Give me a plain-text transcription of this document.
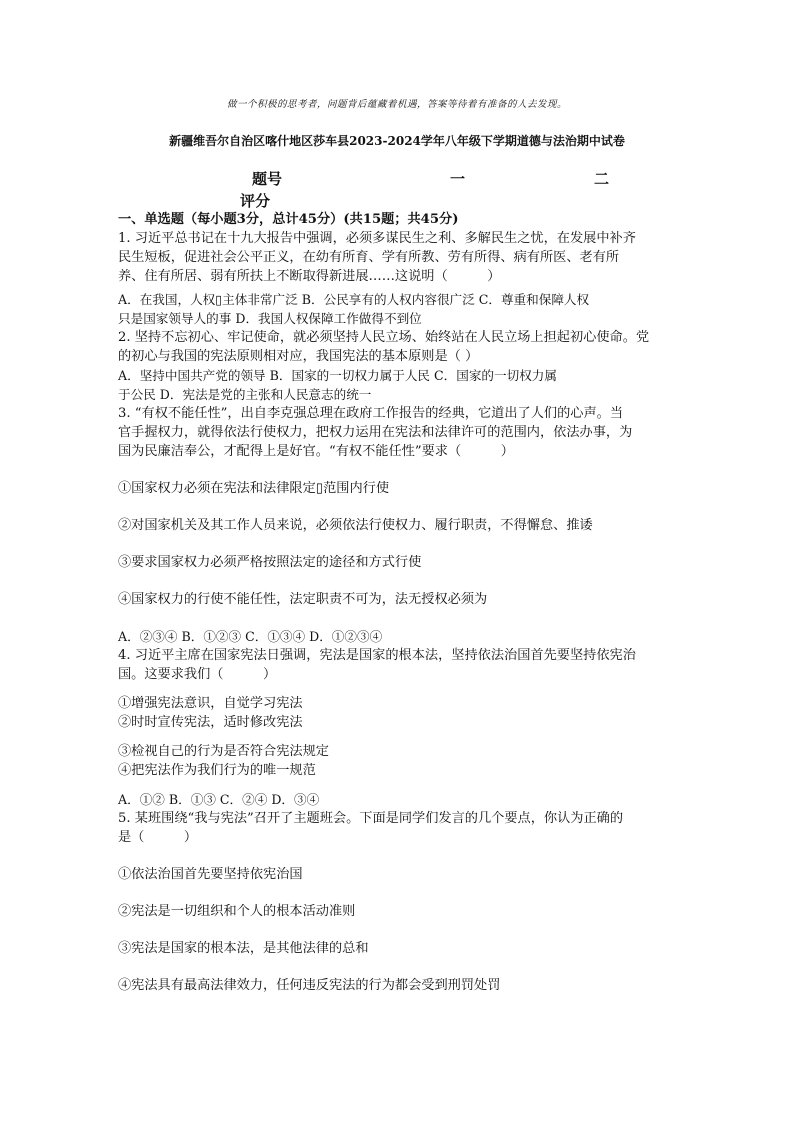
做一个积极的思考者，问题背后蕴藏着机遇，答案等待着有准备的人去发现。
新疆维吾尔自治区喀什地区莎车县2023-2024学年八年级下学期道德与法治期中试卷
题号	一	二
评分
一、单选题（每小题3分，总计45分）(共15题；共45分)
1. 习近平总书记在十九大报告中强调，必须多谋民生之利、多解民生之忧，在发展中补齐
民生短板，促进社会公平正义，在幼有所育、学有所教、劳有所得、病有所医、老有所
养、住有所居、弱有所扶上不断取得新进展……这说明（　　　）
A．在我国，人权▯主体非常广泛 B．公民享有的人权内容很广泛 C．尊重和保障人权
只是国家领导人的事 D．我国人权保障工作做得不到位
2. 坚持不忘初心、牢记使命，就必须坚持人民立场、始终站在人民立场上担起初心使命。党
的初心与我国的宪法原则相对应，我国宪法的基本原则是（ ）
A．坚持中国共产党的领导 B．国家的一切权力属于人民 C．国家的一切权力属
于公民 D．宪法是党的主张和人民意志的统一
3. “有权不能任性”，出自李克强总理在政府工作报告的经典，它道出了人们的心声。当
官手握权力，就得依法行使权力，把权力运用在宪法和法律许可的范围内，依法办事，为
国为民廉洁奉公，才配得上是好官。“有权不能任性”要求（　　　）
①国家权力必须在宪法和法律限定▯范围内行使
②对国家机关及其工作人员来说，必须依法行使权力、履行职责，不得懈怠、推诿
③要求国家权力必须严格按照法定的途径和方式行使
④国家权力的行使不能任性，法定职责不可为，法无授权必须为
A．②③④ B．①②③ C．①③④ D．①②③④
4. 习近平主席在国家宪法日强调，宪法是国家的根本法，坚持依法治国首先要坚持依宪治
国。这要求我们（　　　）
①增强宪法意识，自觉学习宪法
②时时宣传宪法，适时修改宪法
③检视自己的行为是否符合宪法规定
④把宪法作为我们行为的唯一规范
A．①② B．①③ C．②④ D．③④
5. 某班围绕“我与宪法”召开了主题班会。下面是同学们发言的几个要点，你认为正确的
是（　　　）
①依法治国首先要坚持依宪治国
②宪法是一切组织和个人的根本活动准则
③宪法是国家的根本法，是其他法律的总和
④宪法具有最高法律效力，任何违反宪法的行为都会受到刑罚处罚
